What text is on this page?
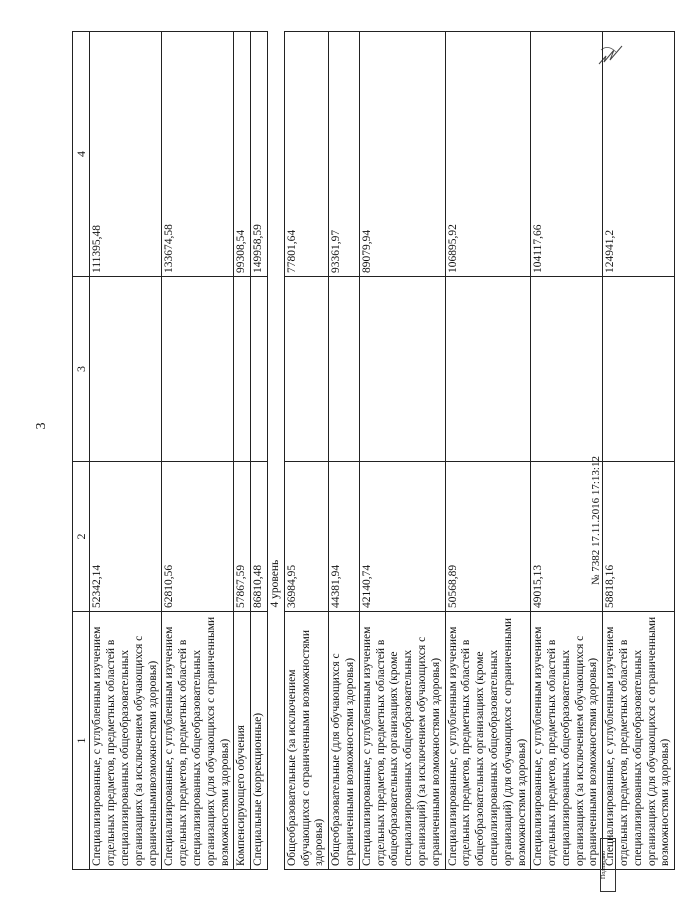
3
1	2	3	4
Специализированные, с углубленным изучением отдельных предметов, предметных областей в специализированных общеобразовательных организациях (за исключением обучающихся с ограниченнымивозможностями здоровья)	52342,14		111395,48
Специализированные, с углубленным изучением отдельных предметов, предметных областей в специализированных общеобразовательных организациях (для обучающихся с ограниченными возможностями здоровья)	62810,56		133674,58
Компенсирующего обучения	57867,59		99308,54
Специальные (коррекционные)	86810,48		149958,59
	4 уровень		
Общеобразовательные (за исключением обучающихся с ограниченными возможностями здоровья)	36984,95		77801,64
Общеобразовательные (для обучающихся с ограниченными возможностями здоровья)	44381,94		93361,97
Специализированные, с углубленным изучением отдельных предметов, предметных областей в общеобразовательных организациях (кроме специализированных общеобразовательных организаций) (за исключением обучающихся с ограниченными возможностями здоровья)	42140,74		89079,94
Специализированные, с углубленным изучением отдельных предметов, предметных областей в общеобразовательных организациях (кроме специализированных общеобразовательных организаций) (для обучающихся с ограниченными возможностями здоровья)	50568,89		106895,92
Специализированные, с углубленным изучением отдельных предметов, предметных областей в специализированных общеобразовательных организациях (за исключением обучающихся с ограниченными возможностями здоровья)	49015,13		104117,66
Специализированные, с углубленным изучением отдельных предметов, предметных областей в специализированных общеобразовательных организациях (для обучающихся с ограниченными возможностями здоровья)	58818,16		124941,2
№ 7382 17.11.2016 17:13:12
Подписано
